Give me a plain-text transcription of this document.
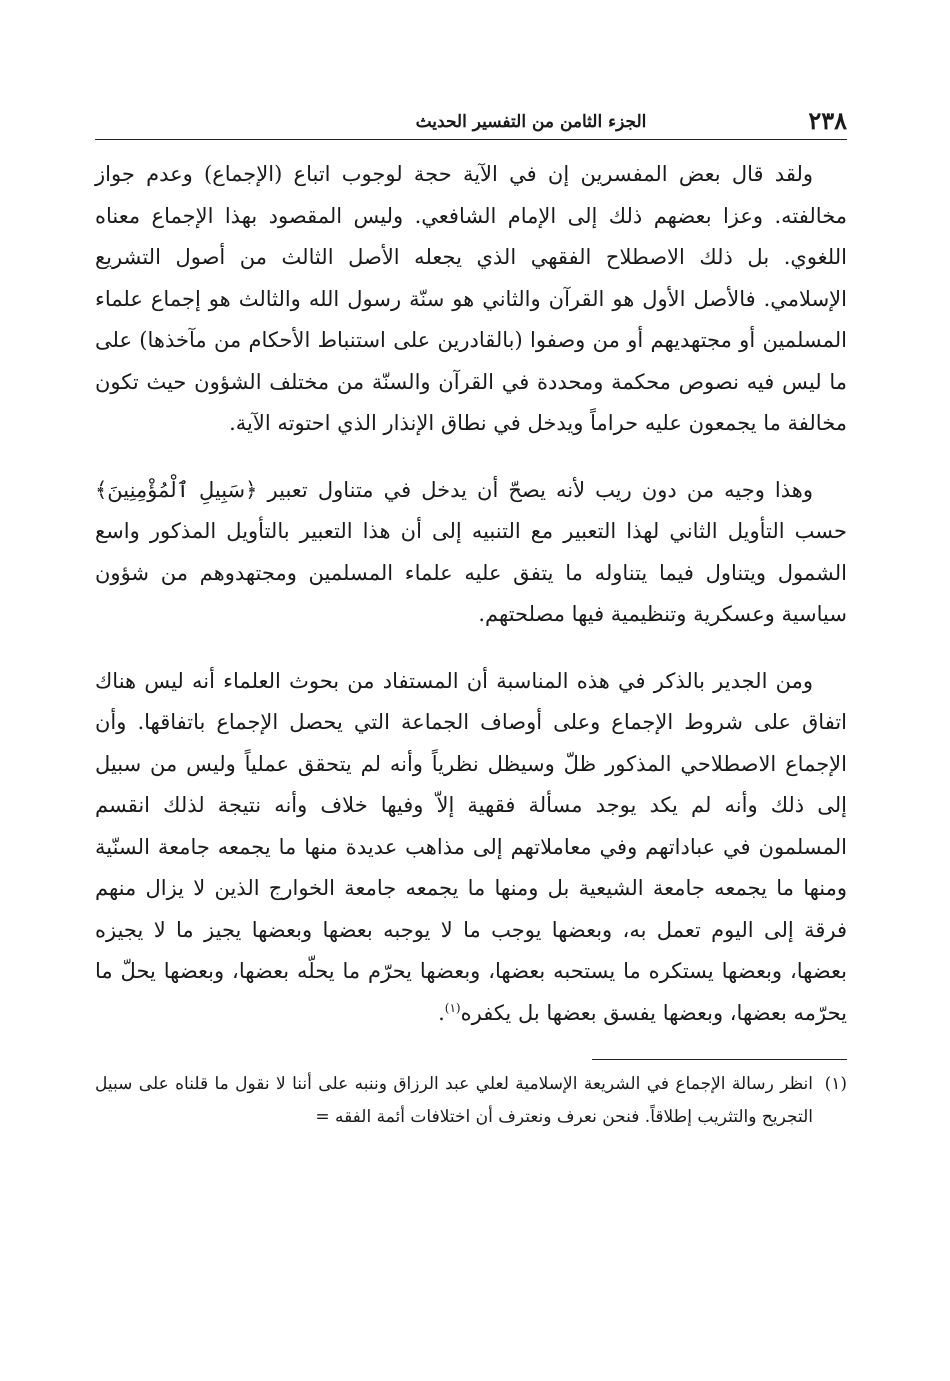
٢٣٨
الجزء الثامن من التفسير الحديث

ولقد قال بعض المفسرين إن في الآية حجة لوجوب اتباع (الإجماع) وعدم جواز مخالفته. وعزا بعضهم ذلك إلى الإمام الشافعي. وليس المقصود بهذا الإجماع معناه اللغوي. بل ذلك الاصطلاح الفقهي الذي يجعله الأصل الثالث من أصول التشريع الإسلامي. فالأصل الأول هو القرآن والثاني هو سنّة رسول الله والثالث هو إجماع علماء المسلمين أو مجتهديهم أو من وصفوا (بالقادرين على استنباط الأحكام من مآخذها) على ما ليس فيه نصوص محكمة ومحددة في القرآن والسنّة من مختلف الشؤون حيث تكون مخالفة ما يجمعون عليه حراماً ويدخل في نطاق الإنذار الذي احتوته الآية.

وهذا وجيه من دون ريب لأنه يصحّ أن يدخل في متناول تعبير ﴿سَبِيلِ ٱلْمُؤْمِنِينَ﴾ حسب التأويل الثاني لهذا التعبير مع التنبيه إلى أن هذا التعبير بالتأويل المذكور واسع الشمول ويتناول فيما يتناوله ما يتفق عليه علماء المسلمين ومجتهدوهم من شؤون سياسية وعسكرية وتنظيمية فيها مصلحتهم.

ومن الجدير بالذكر في هذه المناسبة أن المستفاد من بحوث العلماء أنه ليس هناك اتفاق على شروط الإجماع وعلى أوصاف الجماعة التي يحصل الإجماع باتفاقها. وأن الإجماع الاصطلاحي المذكور ظلّ وسيظل نظرياً وأنه لم يتحقق عملياً وليس من سبيل إلى ذلك وأنه لم يكد يوجد مسألة فقهية إلاّ وفيها خلاف وأنه نتيجة لذلك انقسم المسلمون في عباداتهم وفي معاملاتهم إلى مذاهب عديدة منها ما يجمعه جامعة السنّية ومنها ما يجمعه جامعة الشيعية بل ومنها ما يجمعه جامعة الخوارج الذين لا يزال منهم فرقة إلى اليوم تعمل به، وبعضها يوجب ما لا يوجبه بعضها وبعضها يجيز ما لا يجيزه بعضها، وبعضها يستكره ما يستحبه بعضها، وبعضها يحرّم ما يحلّه بعضها، وبعضها يحلّ ما يحرّمه بعضها، وبعضها يفسق بعضها بل يكفره$^{(١)}$.

(١)
انظر رسالة الإجماع في الشريعة الإسلامية لعلي عبد الرزاق وننبه على أننا لا نقول ما قلناه على سبيل التجريح والتثريب إطلاقاً. فنحن نعرف ونعترف أن اختلافات أئمة الفقه =
